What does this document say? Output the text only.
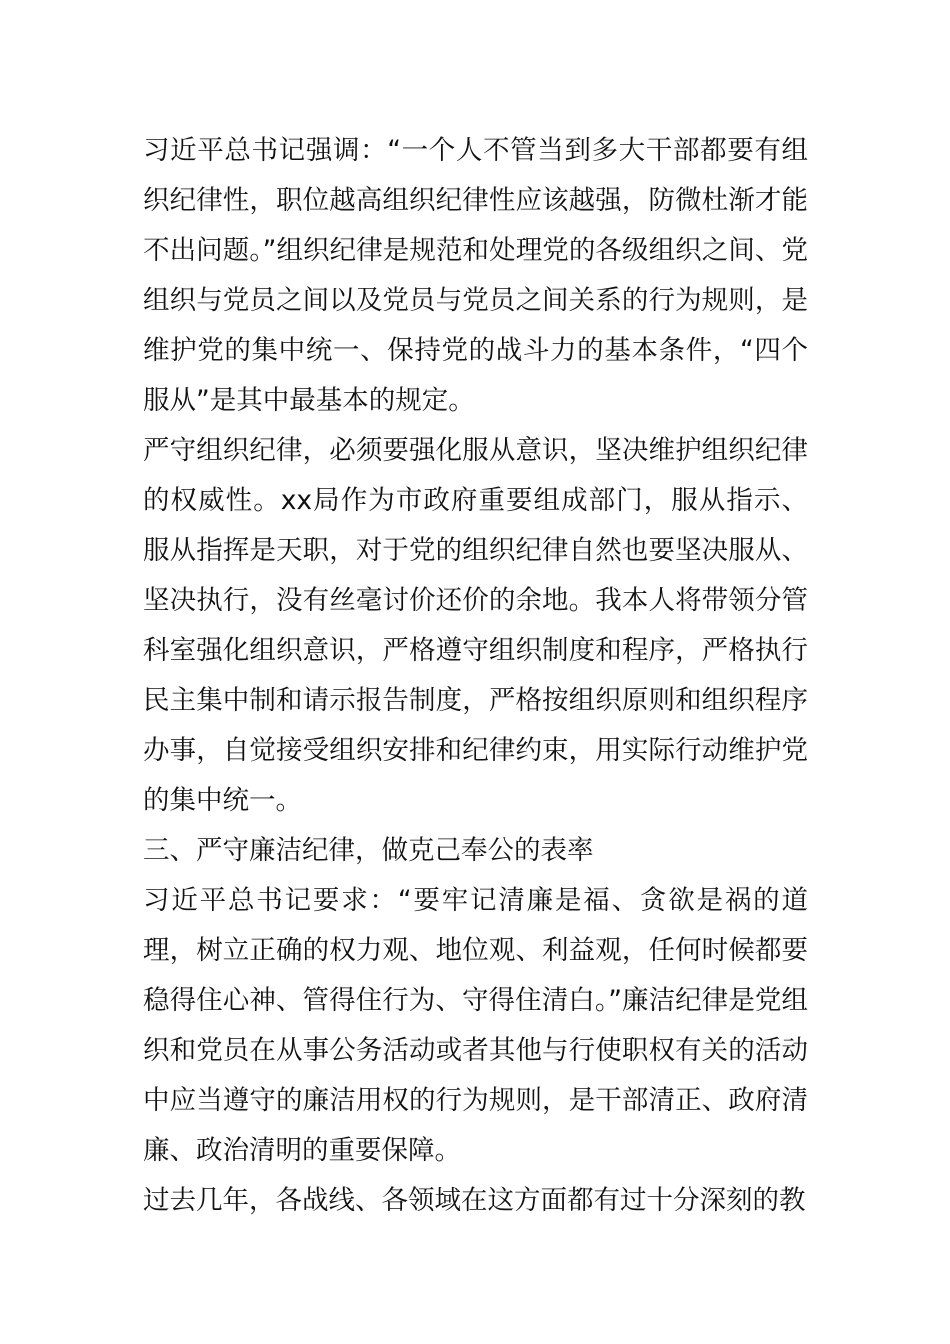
习近平总书记强调：“一个人不管当到多大干部都要有组织纪律性，职位越高组织纪律性应该越强，防微杜渐才能不出问题。”组织纪律是规范和处理党的各级组织之间、党组织与党员之间以及党员与党员之间关系的行为规则，是维护党的集中统一、保持党的战斗力的基本条件，“四个服从”是其中最基本的规定。

严守组织纪律，必须要强化服从意识，坚决维护组织纪律的权威性。xx局作为市政府重要组成部门，服从指示、服从指挥是天职，对于党的组织纪律自然也要坚决服从、坚决执行，没有丝毫讨价还价的余地。我本人将带领分管科室强化组织意识，严格遵守组织制度和程序，严格执行民主集中制和请示报告制度，严格按组织原则和组织程序办事，自觉接受组织安排和纪律约束，用实际行动维护党的集中统一。

三、严守廉洁纪律，做克己奉公的表率

习近平总书记要求：“要牢记清廉是福、贪欲是祸的道理，树立正确的权力观、地位观、利益观，任何时候都要稳得住心神、管得住行为、守得住清白。”廉洁纪律是党组织和党员在从事公务活动或者其他与行使职权有关的活动中应当遵守的廉洁用权的行为规则，是干部清正、政府清廉、政治清明的重要保障。

过去几年，各战线、各领域在这方面都有过十分深刻的教
